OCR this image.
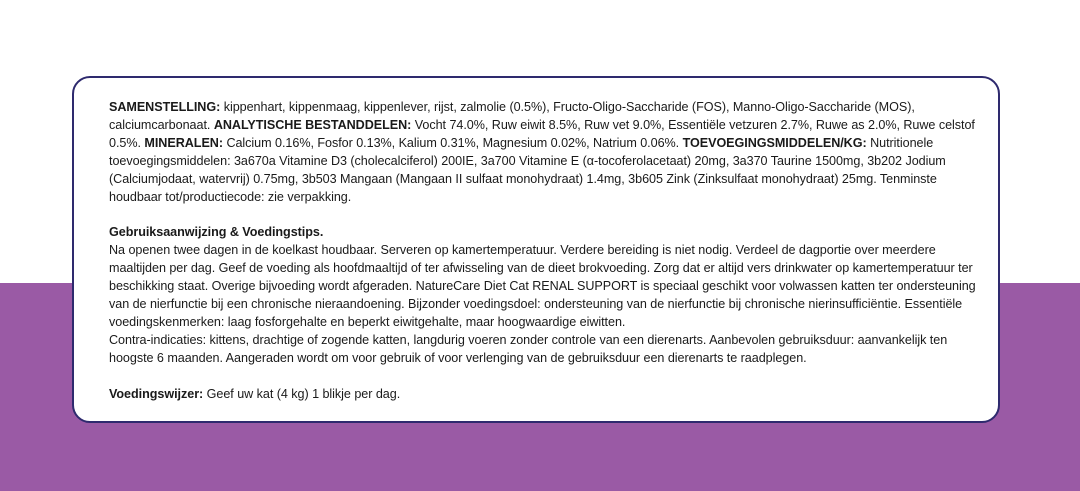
SAMENSTELLING: kippenhart, kippenmaag, kippenlever, rijst, zalmolie (0.5%), Fructo-Oligo-Saccharide (FOS), Manno-Oligo-Saccharide (MOS), calciumcarbonaat. ANALYTISCHE BESTANDDELEN: Vocht 74.0%, Ruw eiwit 8.5%, Ruw vet 9.0%, Essentiële vetzuren 2.7%, Ruwe as 2.0%, Ruwe celstof 0.5%. MINERALEN: Calcium 0.16%, Fosfor 0.13%, Kalium 0.31%, Magnesium 0.02%, Natrium 0.06%. TOEVOEGINGSMIDDELEN/KG: Nutritionele toevoegingsmiddelen: 3a670a Vitamine D3 (cholecalciferol) 200IE, 3a700 Vitamine E (α-tocoferolacetaat) 20mg, 3a370 Taurine 1500mg, 3b202 Jodium (Calciumjodaat, watervrij) 0.75mg, 3b503 Mangaan (Mangaan II sulfaat monohydraat) 1.4mg, 3b605 Zink (Zinksulfaat monohydraat) 25mg. Tenminste houdbaar tot/productiecode: zie verpakking.

Gebruiksaanwijzing & Voedingstips.

Na openen twee dagen in de koelkast houdbaar. Serveren op kamertemperatuur. Verdere bereiding is niet nodig. Verdeel de dagportie over meerdere maaltijden per dag. Geef de voeding als hoofdmaaltijd of ter afwisseling van de dieet brokvoeding. Zorg dat er altijd vers drinkwater op kamertemperatuur ter beschikking staat. Overige bijvoeding wordt afgeraden. NatureCare Diet Cat RENAL SUPPORT is speciaal geschikt voor volwassen katten ter ondersteuning van de nierfunctie bij een chronische nieraandoening. Bijzonder voedingsdoel: ondersteuning van de nierfunctie bij chronische nierinsufficiëntie. Essentiële voedingskenmerken: laag fosforgehalte en beperkt eiwitgehalte, maar hoogwaardige eiwitten.

Contra-indicaties: kittens, drachtige of zogende katten, langdurig voeren zonder controle van een dierenarts. Aanbevolen gebruiksduur: aanvankelijk ten hoogste 6 maanden. Aangeraden wordt om voor gebruik of voor verlenging van de gebruiksduur een dierenarts te raadplegen.

Voedingswijzer: Geef uw kat (4 kg) 1 blikje per dag.
